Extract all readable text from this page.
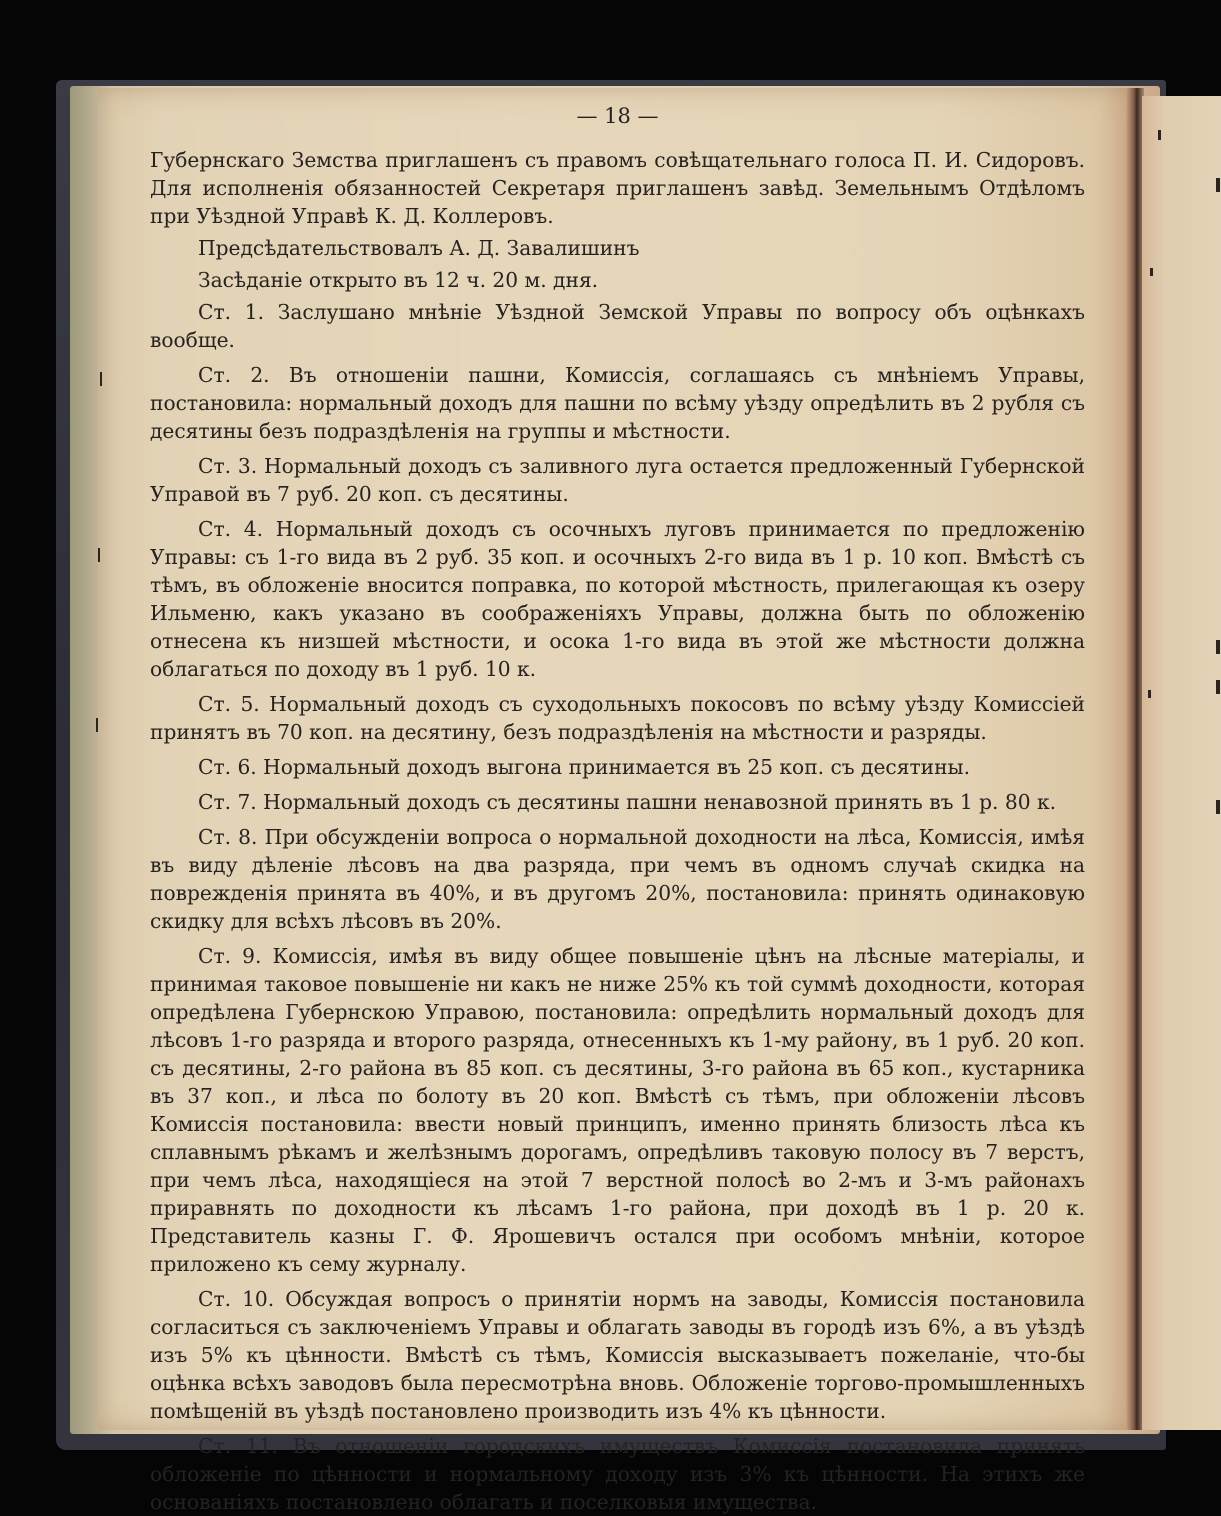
— 18 —

Губернскаго Земства приглашенъ съ правомъ совѣщательнаго голоса П. И. Сидоровъ. Для исполненія обязанностей Секретаря приглашенъ завѣд. Земельнымъ Отдѣломъ при Уѣздной Управѣ К. Д. Коллеровъ.

Предсѣдательствовалъ А. Д. Завалишинъ

Засѣданіе открыто въ 12 ч. 20 м. дня.

Ст. 1. Заслушано мнѣніе Уѣздной Земской Управы по вопросу объ оцѣнкахъ вообще.

Ст. 2. Въ отношеніи пашни, Комиссія, соглашаясь съ мнѣніемъ Управы, постановила: нормальный доходъ для пашни по всѣму уѣзду опредѣлить въ 2 рубля съ десятины безъ подраздѣленія на группы и мѣстности.

Ст. 3. Нормальный доходъ съ заливного луга остается предложенный Губернской Управой въ 7 руб. 20 коп. съ десятины.

Ст. 4. Нормальный доходъ съ осочныхъ луговъ принимается по предложенію Управы: съ 1-го вида въ 2 руб. 35 коп. и осочныхъ 2-го вида въ 1 р. 10 коп. Вмѣстѣ съ тѣмъ, въ обложеніе вносится поправка, по которой мѣстность, прилегающая къ озеру Ильменю, какъ указано въ соображеніяхъ Управы, должна быть по обложенію отнесена къ низшей мѣстности, и осока 1-го вида въ этой же мѣстности должна облагаться по доходу въ 1 руб. 10 к.

Ст. 5. Нормальный доходъ съ суходольныхъ покосовъ по всѣму уѣзду Комиссіей принятъ въ 70 коп. на десятину, безъ подраздѣленія на мѣстности и разряды.

Ст. 6. Нормальный доходъ выгона принимается въ 25 коп. съ десятины.

Ст. 7. Нормальный доходъ съ десятины пашни ненавозной принять въ 1 р. 80 к.

Ст. 8. При обсужденіи вопроса о нормальной доходности на лѣса, Комиссія, имѣя въ виду дѣленіе лѣсовъ на два разряда, при чемъ въ одномъ случаѣ скидка на поврежденія принята въ 40%, и въ другомъ 20%, постановила: принять одинаковую скидку для всѣхъ лѣсовъ въ 20%.

Ст. 9. Комиссія, имѣя въ виду общее повышеніе цѣнъ на лѣсные матеріалы, и принимая таковое повышеніе ни какъ не ниже 25% къ той суммѣ доходности, которая опредѣлена Губернскою Управою, постановила: опредѣлить нормальный доходъ для лѣсовъ 1-го разряда и второго разряда, отнесенныхъ къ 1-му району, въ 1 руб. 20 коп. съ десятины, 2-го района въ 85 коп. съ десятины, 3-го района въ 65 коп., кустарника въ 37 коп., и лѣса по болоту въ 20 коп. Вмѣстѣ съ тѣмъ, при обложеніи лѣсовъ Комиссія постановила: ввести новый принципъ, именно принять близость лѣса къ сплавнымъ рѣкамъ и желѣзнымъ дорогамъ, опредѣливъ таковую полосу въ 7 верстъ, при чемъ лѣса, находящіеся на этой 7 верстной полосѣ во 2-мъ и 3-мъ районахъ приравнять по доходности къ лѣсамъ 1-го района, при доходѣ въ 1 р. 20 к. Представитель казны Г. Ф. Ярошевичъ остался при особомъ мнѣніи, которое приложено къ сему журналу.

Ст. 10. Обсуждая вопросъ о принятіи нормъ на заводы, Комиссія постановила согласиться съ заключеніемъ Управы и облагать заводы въ городѣ изъ 6%, а въ уѣздѣ изъ 5% къ цѣнности. Вмѣстѣ съ тѣмъ, Комиссія высказываетъ пожеланіе, что-бы оцѣнка всѣхъ заводовъ была пересмотрѣна вновь. Обложеніе торгово-промышленныхъ помѣщеній въ уѣздѣ постановлено производить изъ 4% къ цѣнности.

Ст. 11. Въ отношеніи городскихъ имуществъ Комиссія постановила принять обложеніе по цѣнности и нормальному доходу изъ 3% къ цѣнности. На этихъ же основаніяхъ постановлено облагать и поселковыя имущества.
